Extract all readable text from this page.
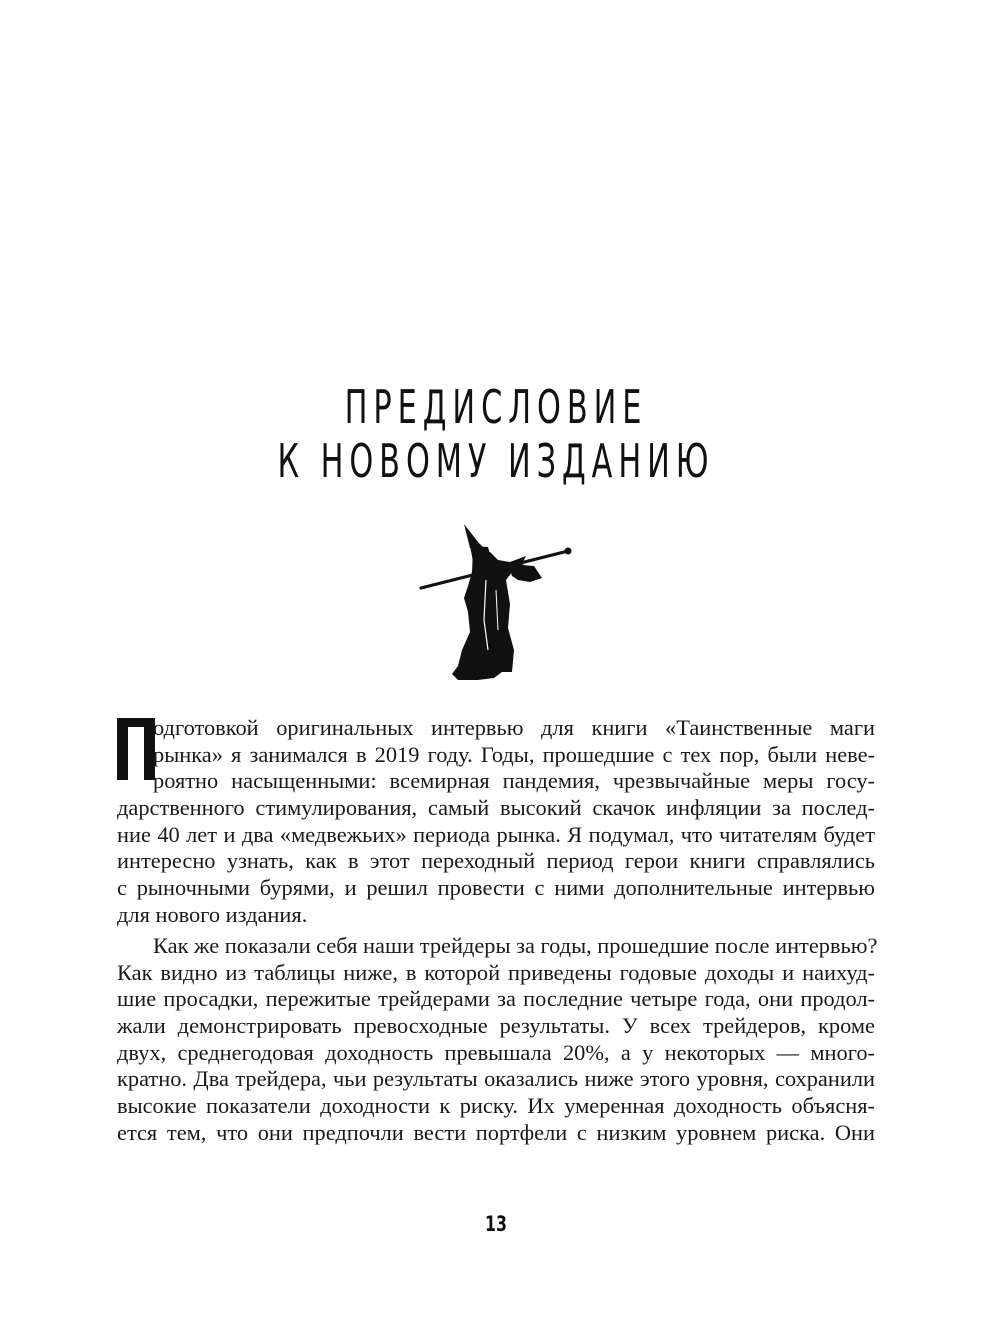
ПРЕДИСЛОВИЕ
К НОВОМУ ИЗДАНИЮ
одготовкой оригинальных интервью для книги «Таинственные маги
рынка» я занимался в 2019 году. Годы, прошедшие с тех пор, были неве-
роятно насыщенными: всемирная пандемия, чрезвычайные меры госу-
дарственного стимулирования, самый высокий скачок инфляции за послед-
ние 40 лет и два «медвежьих» периода рынка. Я подумал, что читателям будет
интересно узнать, как в этот переходный период герои книги справлялись
с рыночными бурями, и решил провести с ними дополнительные интервью
для нового издания.
Как же показали себя наши трейдеры за годы, прошедшие после интервью?
Как видно из таблицы ниже, в которой приведены годовые доходы и наихуд-
шие просадки, пережитые трейдерами за последние четыре года, они продол-
жали демонстрировать превосходные результаты. У всех трейдеров, кроме
двух, среднегодовая доходность превышала 20%, а у некоторых — много-
кратно. Два трейдера, чьи результаты оказались ниже этого уровня, сохранили
высокие показатели доходности к риску. Их умеренная доходность объясня-
ется тем, что они предпочли вести портфели с низким уровнем риска. Они
13
